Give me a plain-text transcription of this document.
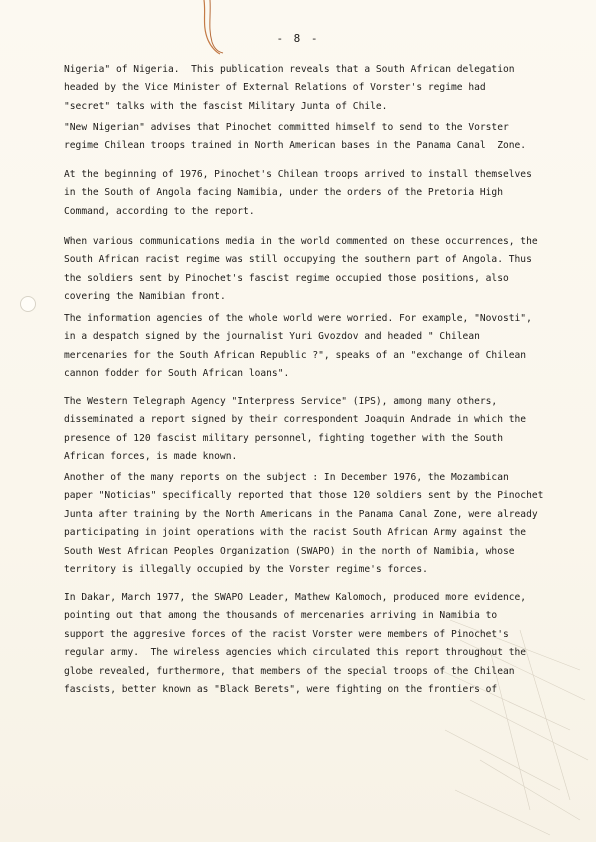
- 8 -
Nigeria" of Nigeria.  This publication reveals that a South African delegation
headed by the Vice Minister of External Relations of Vorster's regime had
"secret" talks with the fascist Military Junta of Chile.
"New Nigerian" advises that Pinochet committed himself to send to the Vorster
regime Chilean troops trained in North American bases in the Panama Canal  Zone.
At the beginning of 1976, Pinochet's Chilean troops arrived to install themselves
in the South of Angola facing Namibia, under the orders of the Pretoria High
Command, according to the report.
When various communications media in the world commented on these occurrences, the
South African racist regime was still occupying the southern part of Angola. Thus
the soldiers sent by Pinochet's fascist regime occupied those positions, also
covering the Namibian front.
The information agencies of the whole world were worried. For example, "Novosti",
in a despatch signed by the journalist Yuri Gvozdov and headed " Chilean
mercenaries for the South African Republic ?", speaks of an "exchange of Chilean
cannon fodder for South African loans".
The Western Telegraph Agency "Interpress Service" (IPS), among many others,
disseminated a report signed by their correspondent Joaquin Andrade in which the
presence of 120 fascist military personnel, fighting together with the South
African forces, is made known.
Another of the many reports on the subject : In December 1976, the Mozambican
paper "Noticias" specifically reported that those 120 soldiers sent by the Pinochet
Junta after training by the North Americans in the Panama Canal Zone, were already
participating in joint operations with the racist South African Army against the
South West African Peoples Organization (SWAPO) in the north of Namibia, whose
territory is illegally occupied by the Vorster regime's forces.
In Dakar, March 1977, the SWAPO Leader, Mathew Kalomoch, produced more evidence,
pointing out that among the thousands of mercenaries arriving in Namibia to
support the aggresive forces of the racist Vorster were members of Pinochet's
regular army.  The wireless agencies which circulated this report throughout the
globe revealed, furthermore, that members of the special troops of the Chilean
fascists, better known as "Black Berets", were fighting on the frontiers of
